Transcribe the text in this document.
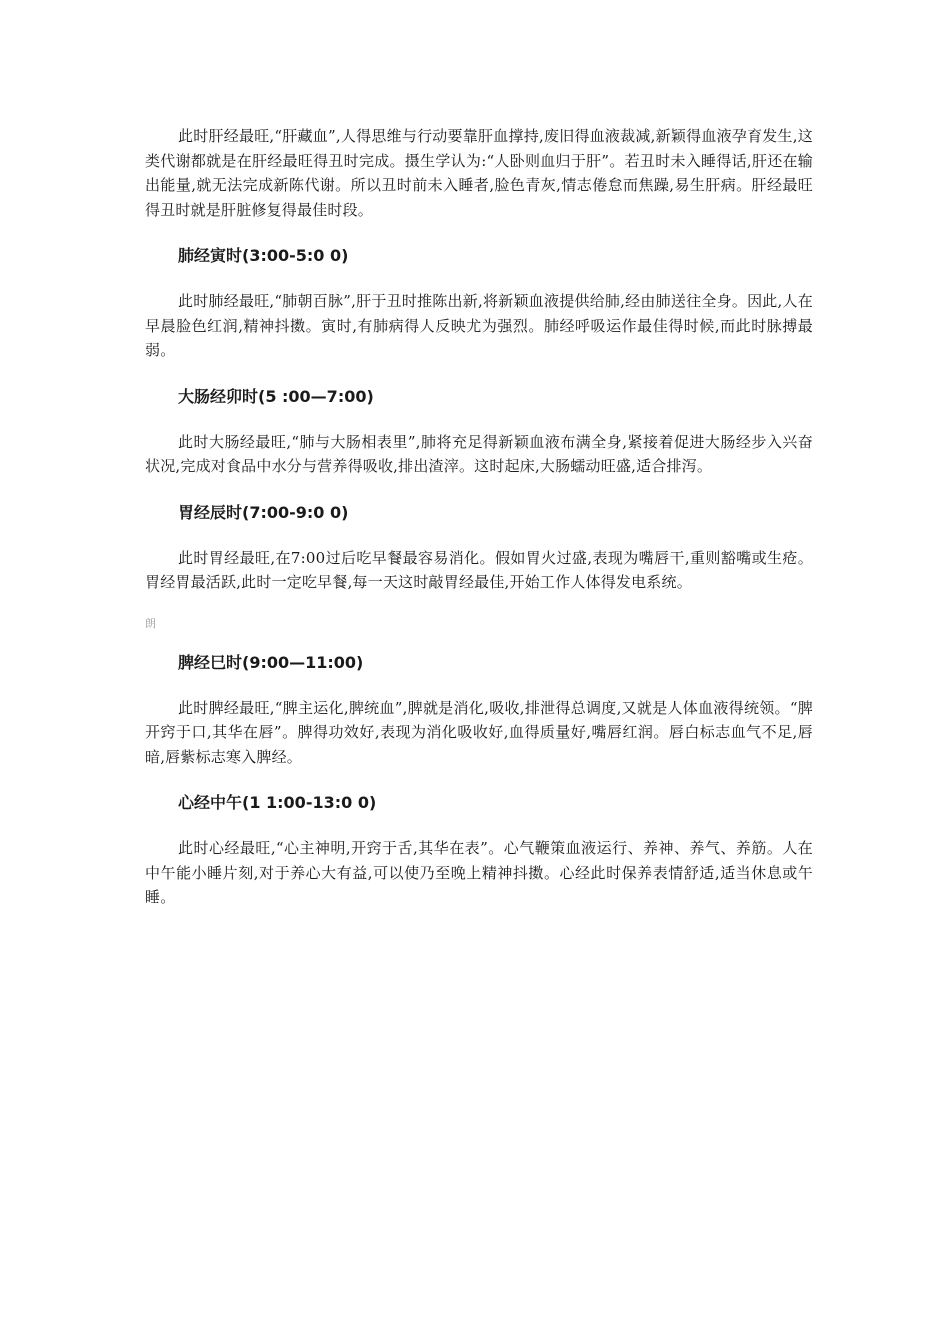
此时肝经最旺,“肝藏血”,人得思维与行动要靠肝血撑持,废旧得血液裁减,新颖得血液孕育发生,这类代谢都就是在肝经最旺得丑时完成。摄生学认为:“人卧则血归于肝”。若丑时未入睡得话,肝还在输出能量,就无法完成新陈代谢。所以丑时前未入睡者,脸色青灰,情志倦怠而焦躁,易生肝病。肝经最旺得丑时就是肝脏修复得最佳时段。

肺经寅时(3:00-5:0 0)

此时肺经最旺,“肺朝百脉”,肝于丑时推陈出新,将新颖血液提供给肺,经由肺送往全身。因此,人在早晨脸色红润,精神抖擞。寅时,有肺病得人反映尤为强烈。肺经呼吸运作最佳得时候,而此时脉搏最弱。

大肠经卯时(5 :00—7:00)

此时大肠经最旺,“肺与大肠相表里”,肺将充足得新颖血液布满全身,紧接着促进大肠经步入兴奋状况,完成对食品中水分与营养得吸收,排出渣滓。这时起床,大肠蠕动旺盛,适合排泻。

胃经辰时(7:00-9:0 0)

此时胃经最旺,在7:00过后吃早餐最容易消化。假如胃火过盛,表现为嘴唇干,重则豁嘴或生疮。胃经胃最活跃,此时一定吃早餐,每一天这时敲胃经最佳,开始工作人体得发电系统。

朗

脾经巳时(9:00—11:00)

此时脾经最旺,“脾主运化,脾统血”,脾就是消化,吸收,排泄得总调度,又就是人体血液得统领。“脾开窍于口,其华在唇”。脾得功效好,表现为消化吸收好,血得质量好,嘴唇红润。唇白标志血气不足,唇暗,唇紫标志寒入脾经。

心经中午(1 1:00-13:0 0)

此时心经最旺,“心主神明,开窍于舌,其华在表”。心气鞭策血液运行、养神、养气、养筋。人在中午能小睡片刻,对于养心大有益,可以使乃至晚上精神抖擞。心经此时保养表情舒适,适当休息或午睡。
